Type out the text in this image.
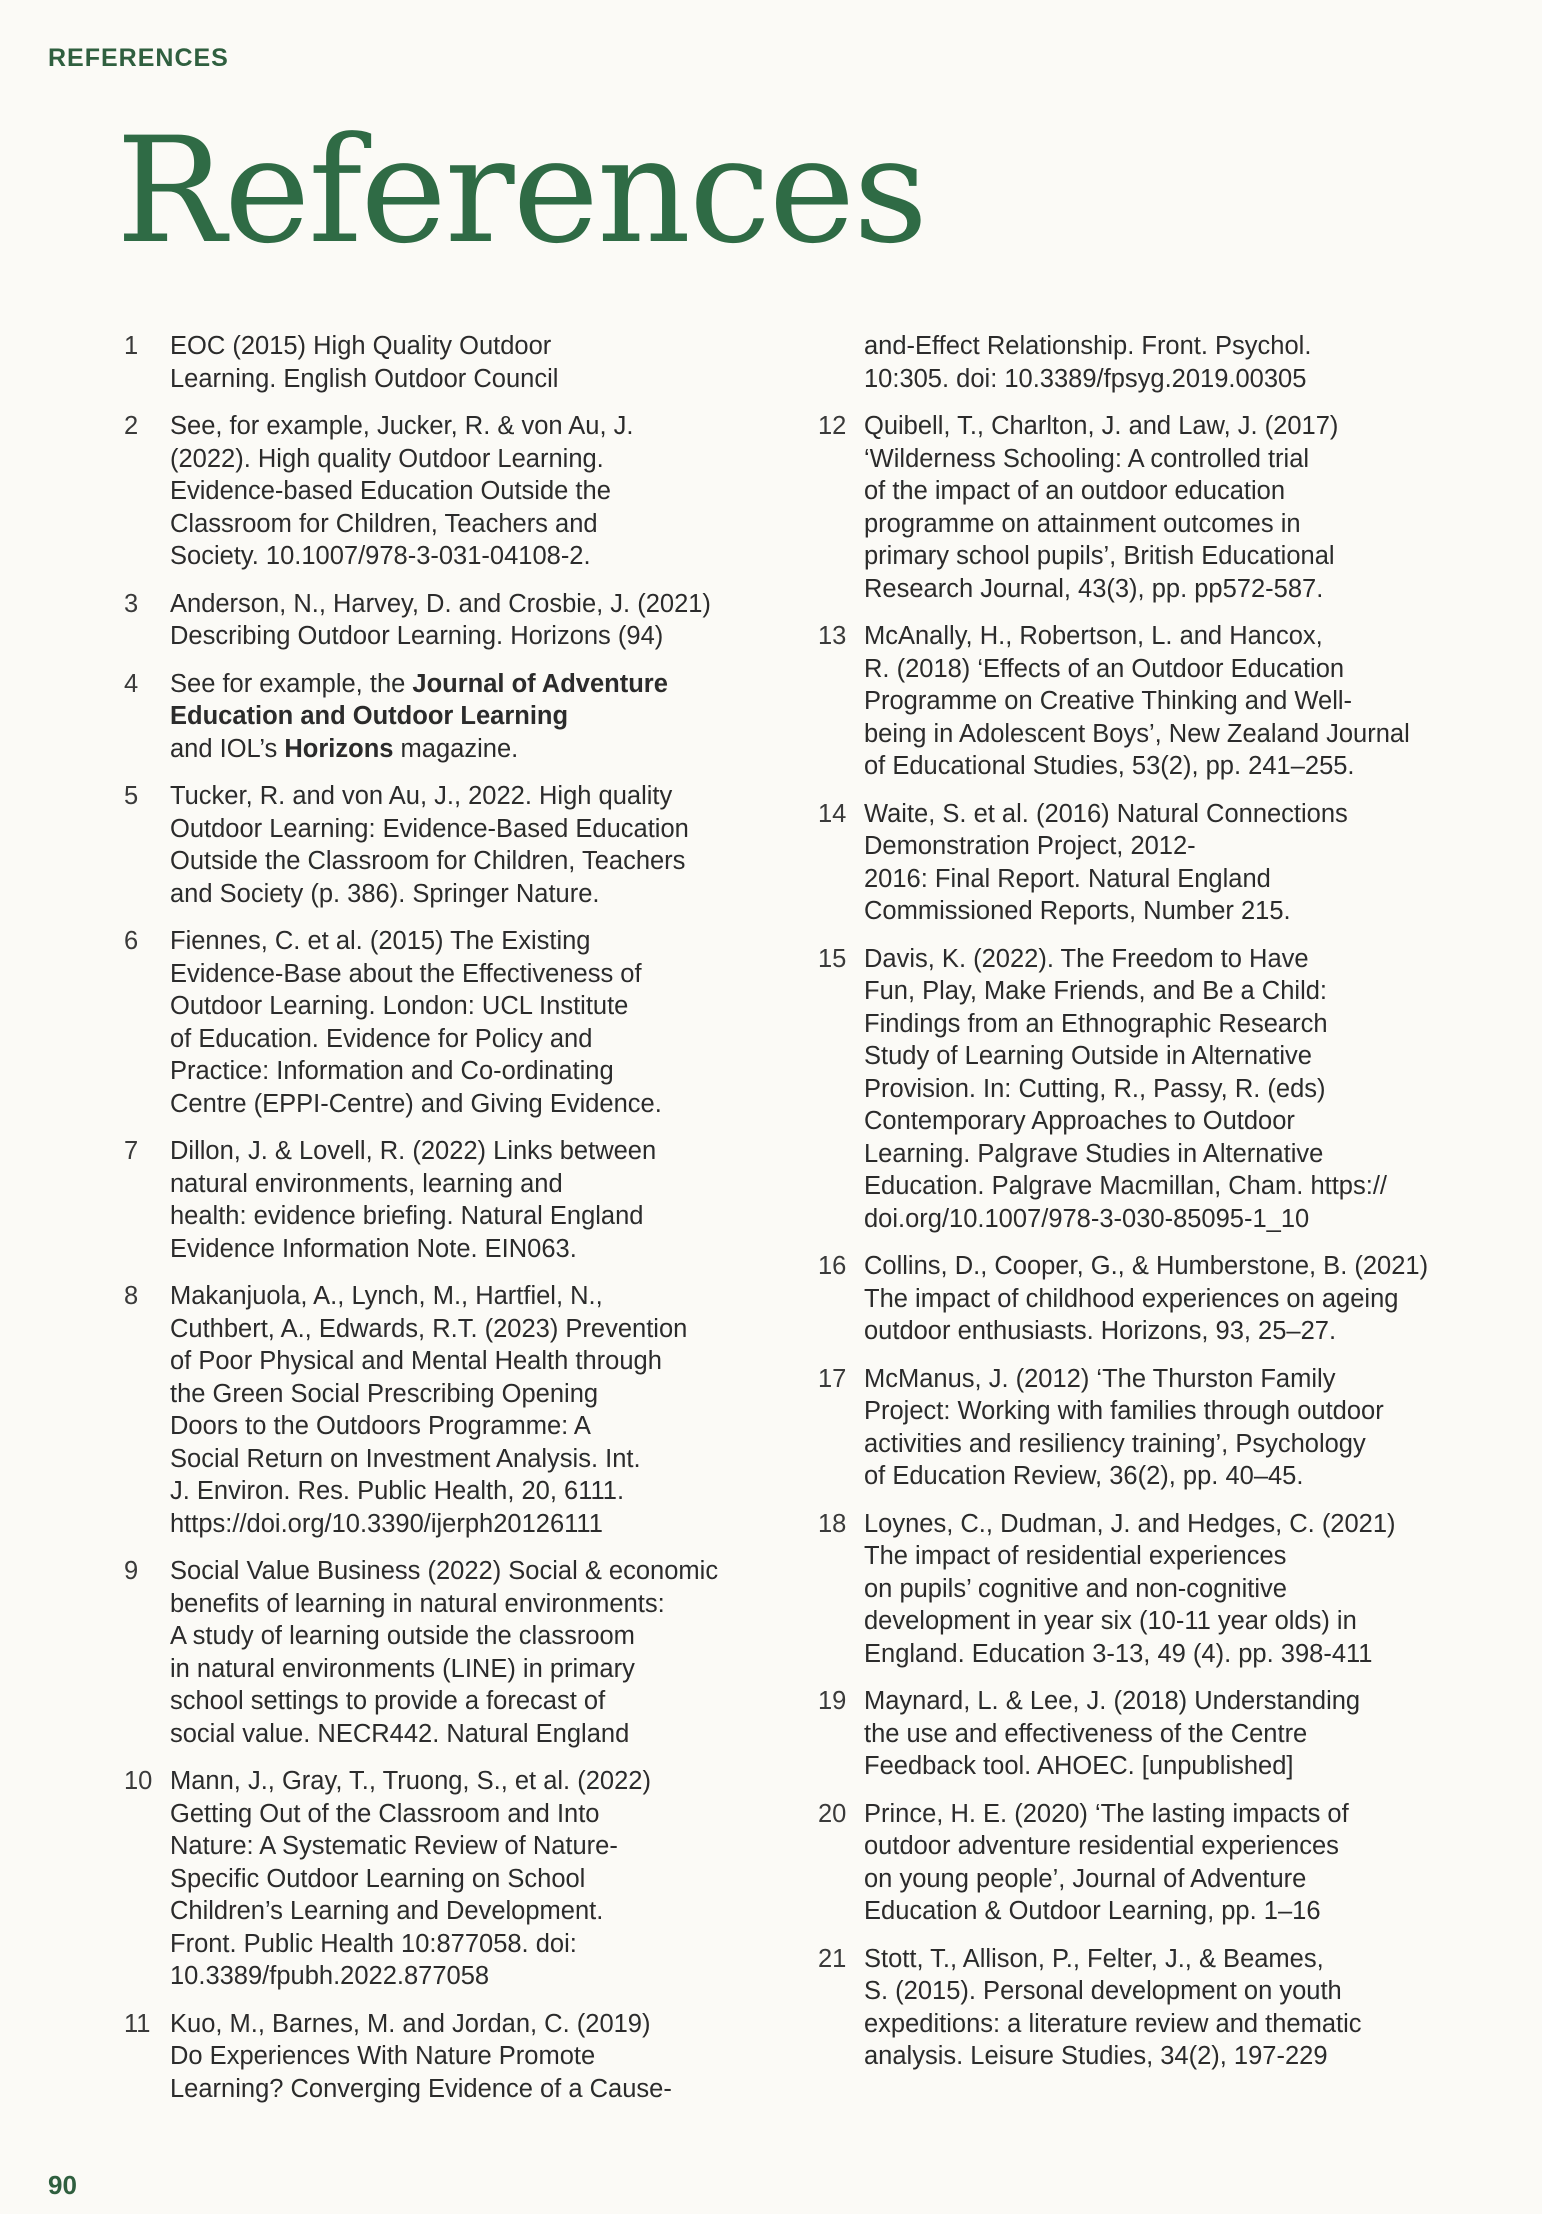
REFERENCES
References
1	EOC (2015) High Quality Outdoor
Learning. English Outdoor Council
2	See, for example, Jucker, R. & von Au, J.
(2022). High quality Outdoor Learning.
Evidence-based Education Outside the
Classroom for Children, Teachers and
Society. 10.1007/978-3-031-04108-2.
3	Anderson, N., Harvey, D. and Crosbie, J. (2021)
Describing Outdoor Learning. Horizons (94)
4	See for example, the Journal of Adventure
Education and Outdoor Learning
and IOL’s Horizons magazine.
5	Tucker, R. and von Au, J., 2022. High quality
Outdoor Learning: Evidence-Based Education
Outside the Classroom for Children, Teachers
and Society (p. 386). Springer Nature.
6	Fiennes, C. et al. (2015) The Existing
Evidence-Base about the Effectiveness of
Outdoor Learning. London: UCL Institute
of Education. Evidence for Policy and
Practice: Information and Co-ordinating
Centre (EPPI-Centre) and Giving Evidence.
7	Dillon, J. & Lovell, R. (2022) Links between
natural environments, learning and
health: evidence briefing. Natural England
Evidence Information Note. EIN063.
8	Makanjuola, A., Lynch, M., Hartfiel, N.,
Cuthbert, A., Edwards, R.T. (2023) Prevention
of Poor Physical and Mental Health through
the Green Social Prescribing Opening
Doors to the Outdoors Programme: A
Social Return on Investment Analysis. Int.
J. Environ. Res. Public Health, 20, 6111.
https://doi.org/10.3390/ijerph20126111
9	Social Value Business (2022) Social & economic
benefits of learning in natural environments:
A study of learning outside the classroom
in natural environments (LINE) in primary
school settings to provide a forecast of
social value. NECR442. Natural England
10 Mann, J., Gray, T., Truong, S., et al. (2022)
Getting Out of the Classroom and Into
Nature: A Systematic Review of Nature-
Specific Outdoor Learning on School
Children’s Learning and Development.
Front. Public Health 10:877058. doi:
10.3389/fpubh.2022.877058
11 Kuo, M., Barnes, M. and Jordan, C. (2019)
Do Experiences With Nature Promote
Learning? Converging Evidence of a Cause-
and-Effect Relationship. Front. Psychol.
10:305. doi: 10.3389/fpsyg.2019.00305
12 Quibell, T., Charlton, J. and Law, J. (2017)
‘Wilderness Schooling: A controlled trial
of the impact of an outdoor education
programme on attainment outcomes in
primary school pupils’, British Educational
Research Journal, 43(3), pp. pp572-587.
13 McAnally, H., Robertson, L. and Hancox,
R. (2018) ‘Effects of an Outdoor Education
Programme on Creative Thinking and Well-
being in Adolescent Boys’, New Zealand Journal
of Educational Studies, 53(2), pp. 241–255.
14 Waite, S. et al. (2016) Natural Connections
Demonstration Project, 2012-
2016: Final Report. Natural England
Commissioned Reports, Number 215.
15 Davis, K. (2022). The Freedom to Have
Fun, Play, Make Friends, and Be a Child:
Findings from an Ethnographic Research
Study of Learning Outside in Alternative
Provision. In: Cutting, R., Passy, R. (eds)
Contemporary Approaches to Outdoor
Learning. Palgrave Studies in Alternative
Education. Palgrave Macmillan, Cham. https://
doi.org/10.1007/978-3-030-85095-1_10
16 Collins, D., Cooper, G., & Humberstone, B. (2021)
The impact of childhood experiences on ageing
outdoor enthusiasts. Horizons, 93, 25–27.
17 McManus, J. (2012) ‘The Thurston Family
Project: Working with families through outdoor
activities and resiliency training’, Psychology
of Education Review, 36(2), pp. 40–45.
18 Loynes, C., Dudman, J. and Hedges, C. (2021)
The impact of residential experiences
on pupils’ cognitive and non-cognitive
development in year six (10-11 year olds) in
England. Education 3-13, 49 (4). pp. 398-411
19 Maynard, L. & Lee, J. (2018) Understanding
the use and effectiveness of the Centre
Feedback tool. AHOEC. [unpublished]
20 Prince, H. E. (2020) ‘The lasting impacts of
outdoor adventure residential experiences
on young people’, Journal of Adventure
Education & Outdoor Learning, pp. 1–16
21 Stott, T., Allison, P., Felter, J., & Beames,
S. (2015). Personal development on youth
expeditions: a literature review and thematic
analysis. Leisure Studies, 34(2), 197-229
90
